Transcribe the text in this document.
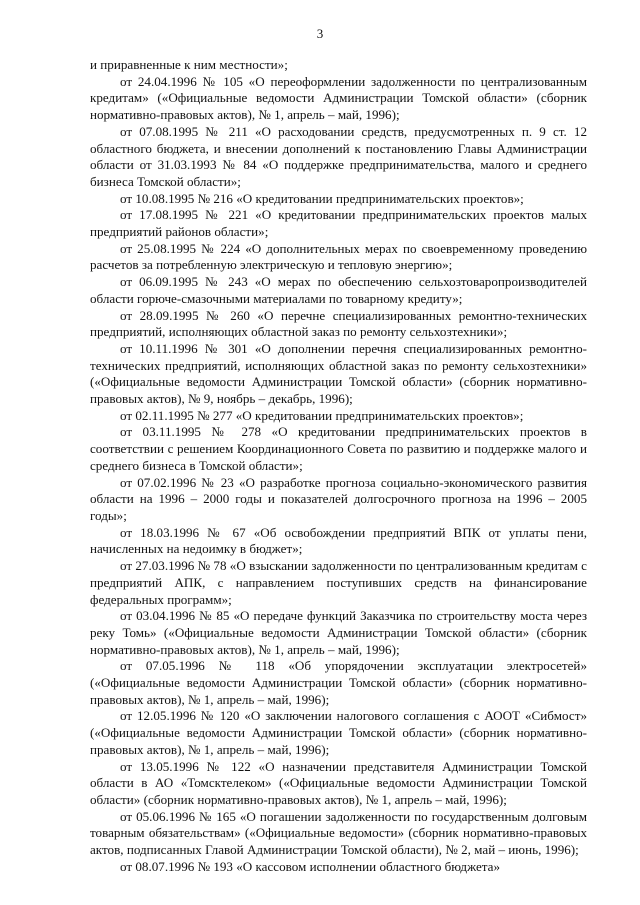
3

и приравненные к ним местности»;

от 24.04.1996 № 105 «О переоформлении задолженности по централизованным кредитам» («Официальные ведомости Администрации Томской области» (сборник нормативно-правовых актов), № 1, апрель – май, 1996);

от 07.08.1995 № 211 «О расходовании средств, предусмотренных п. 9 ст. 12 областного бюджета, и внесении дополнений к постановлению Главы Администрации области от 31.03.1993 № 84 «О поддержке предпринимательства, малого и среднего бизнеса Томской области»;

от 10.08.1995 № 216 «О кредитовании предпринимательских проектов»;

от 17.08.1995 № 221 «О кредитовании предпринимательских проектов малых предприятий районов области»;

от 25.08.1995 № 224 «О дополнительных мерах по своевременному проведению расчетов за потребленную электрическую и тепловую энергию»;

от 06.09.1995 № 243 «О мерах по обеспечению сельхозтоваропроизводителей области горюче-смазочными материалами по товарному кредиту»;

от 28.09.1995 № 260 «О перечне специализированных ремонтно-технических предприятий, исполняющих областной заказ по ремонту сельхозтехники»;

от 10.11.1996 № 301 «О дополнении перечня специализированных ремонтно-технических предприятий, исполняющих областной заказ по ремонту сельхозтехники» («Официальные ведомости Администрации Томской области» (сборник нормативно-правовых актов), № 9, ноябрь – декабрь, 1996);

от 02.11.1995 № 277 «О кредитовании предпринимательских проектов»;

от 03.11.1995 № 278 «О кредитовании предпринимательских проектов в соответствии с решением Координационного Совета по развитию и поддержке малого и среднего бизнеса в Томской области»;

от 07.02.1996 № 23 «О разработке прогноза социально-экономического развития области на 1996 – 2000 годы и показателей долгосрочного прогноза на 1996 – 2005 годы»;

от 18.03.1996 № 67 «Об освобождении предприятий ВПК от уплаты пени, начисленных на недоимку в бюджет»;

от 27.03.1996 № 78 «О взыскании задолженности по централизованным кредитам с предприятий АПК, с направлением поступивших средств на финансирование федеральных программ»;

от 03.04.1996 № 85 «О передаче функций Заказчика по строительству моста через реку Томь» («Официальные ведомости Администрации Томской области» (сборник нормативно-правовых актов), № 1, апрель – май, 1996);

от 07.05.1996 № 118 «Об упорядочении эксплуатации электросетей» («Официальные ведомости Администрации Томской области» (сборник нормативно-правовых актов), № 1, апрель – май, 1996);

от 12.05.1996 № 120 «О заключении налогового соглашения с АООТ «Сибмост» («Официальные ведомости Администрации Томской области» (сборник нормативно-правовых актов), № 1, апрель – май, 1996);

от 13.05.1996 № 122 «О назначении представителя Администрации Томской области в АО «Томсктелеком» («Официальные ведомости Администрации Томской области» (сборник нормативно-правовых актов), № 1, апрель – май, 1996);

от 05.06.1996 № 165 «О погашении задолженности по государственным долговым товарным обязательствам» («Официальные ведомости» (сборник нормативно-правовых актов, подписанных Главой Администрации Томской области), № 2, май – июнь, 1996);

от 08.07.1996 № 193 «О кассовом исполнении областного бюджета»
